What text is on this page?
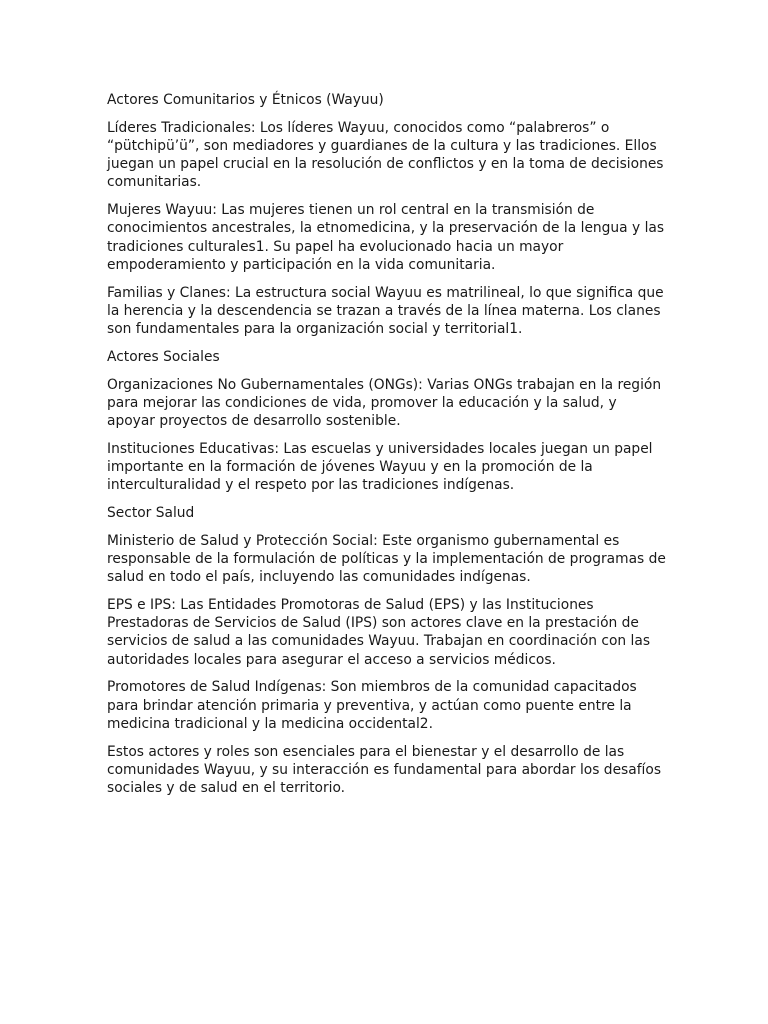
Actores Comunitarios y Étnicos (Wayuu)

Líderes Tradicionales: Los líderes Wayuu, conocidos como “palabreros” o “pütchipü’ü”, son mediadores y guardianes de la cultura y las tradiciones. Ellos juegan un papel crucial en la resolución de conflictos y en la toma de decisiones comunitarias.

Mujeres Wayuu: Las mujeres tienen un rol central en la transmisión de conocimientos ancestrales, la etnomedicina, y la preservación de la lengua y las tradiciones culturales1. Su papel ha evolucionado hacia un mayor empoderamiento y participación en la vida comunitaria.

Familias y Clanes: La estructura social Wayuu es matrilineal, lo que significa que la herencia y la descendencia se trazan a través de la línea materna. Los clanes son fundamentales para la organización social y territorial1.

Actores Sociales

Organizaciones No Gubernamentales (ONGs): Varias ONGs trabajan en la región para mejorar las condiciones de vida, promover la educación y la salud, y apoyar proyectos de desarrollo sostenible.

Instituciones Educativas: Las escuelas y universidades locales juegan un papel importante en la formación de jóvenes Wayuu y en la promoción de la interculturalidad y el respeto por las tradiciones indígenas.

Sector Salud

Ministerio de Salud y Protección Social: Este organismo gubernamental es responsable de la formulación de políticas y la implementación de programas de salud en todo el país, incluyendo las comunidades indígenas.

EPS e IPS: Las Entidades Promotoras de Salud (EPS) y las Instituciones Prestadoras de Servicios de Salud (IPS) son actores clave en la prestación de servicios de salud a las comunidades Wayuu. Trabajan en coordinación con las autoridades locales para asegurar el acceso a servicios médicos.

Promotores de Salud Indígenas: Son miembros de la comunidad capacitados para brindar atención primaria y preventiva, y actúan como puente entre la medicina tradicional y la medicina occidental2.

Estos actores y roles son esenciales para el bienestar y el desarrollo de las comunidades Wayuu, y su interacción es fundamental para abordar los desafíos sociales y de salud en el territorio.
